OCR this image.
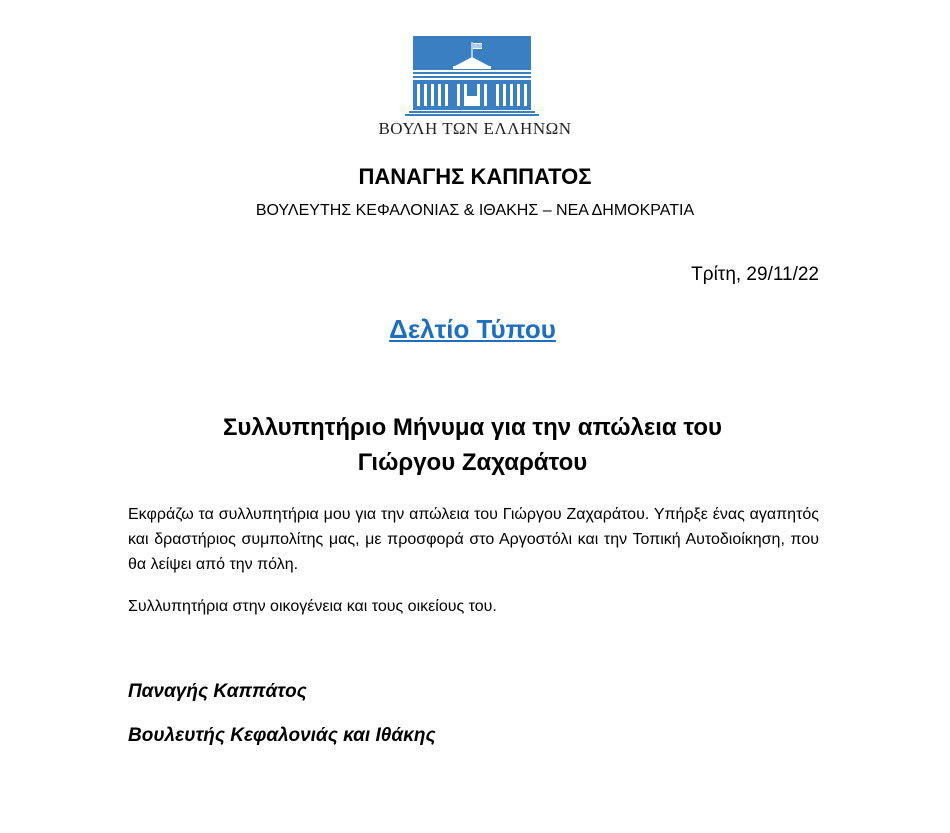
ΒΟΥΛΗ ΤΩΝ ΕΛΛΗΝΩΝ
ΠΑΝΑΓΗΣ ΚΑΠΠΑΤΟΣ
ΒΟΥΛΕΥΤΗΣ ΚΕΦΑΛΟΝΙΑΣ & ΙΘΑΚΗΣ – ΝΕΑ ΔΗΜΟΚΡΑΤΙΑ
Τρίτη, 29/11/22
Δελτίο Τύπου
Συλλυπητήριο Μήνυμα για την απώλεια του
Γιώργου Ζαχαράτου

Εκφράζω τα συλλυπητήρια μου για την απώλεια του Γιώργου Ζαχαράτου. Υπήρξε ένας αγαπητός και δραστήριος συμπολίτης μας, με προσφορά στο Αργοστόλι και την Τοπική Αυτοδιοίκηση, που θα λείψει από την πόλη.

Συλλυπητήρια στην οικογένεια και τους οικείους του.

Παναγής Καππάτος
Βουλευτής Κεφαλονιάς και Ιθάκης
